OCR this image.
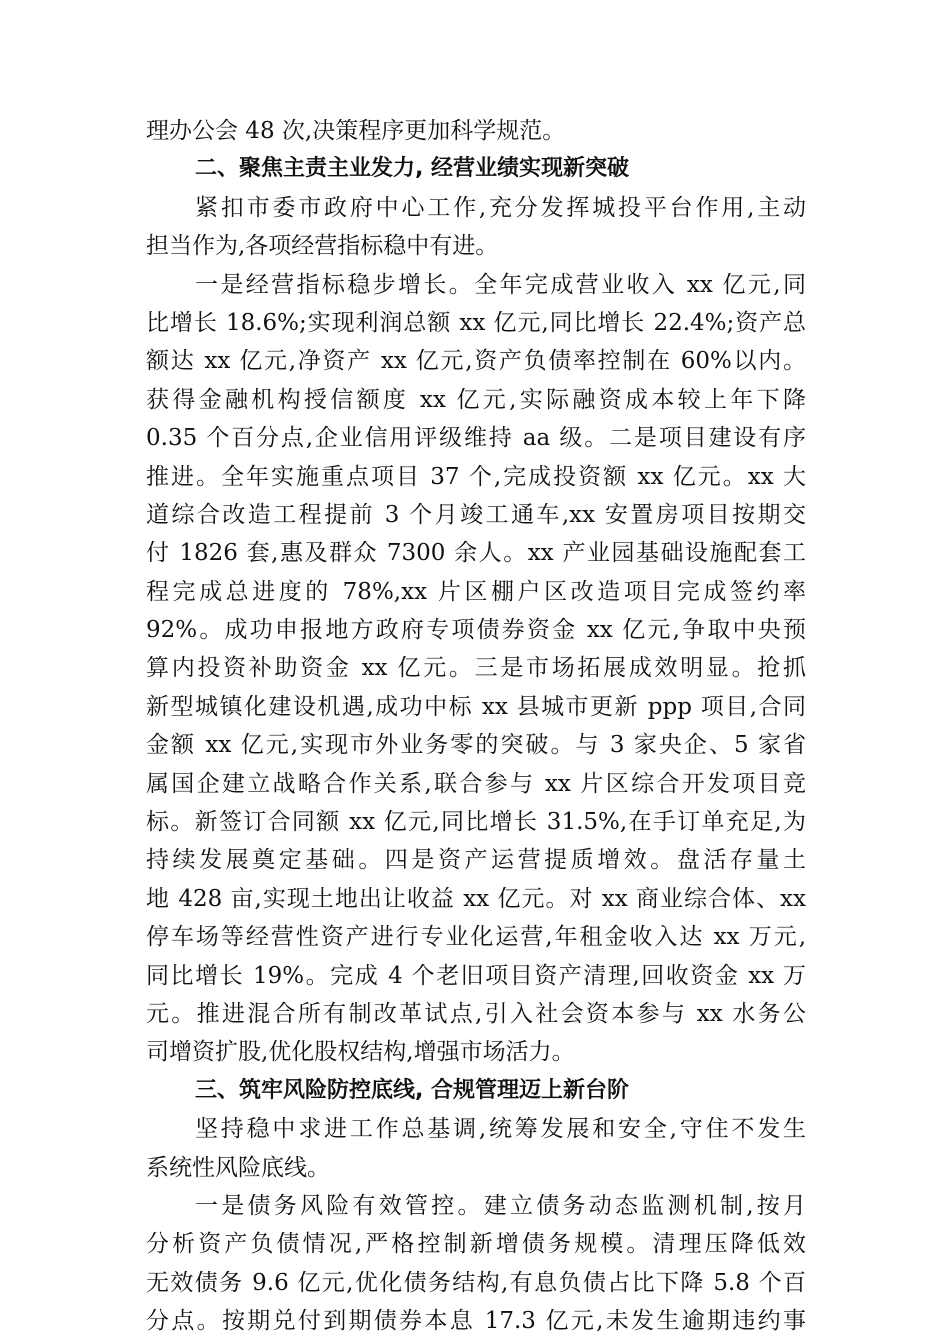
理办公会 48 次,决策程序更加科学规范。
二、聚焦主责主业发力, 经营业绩实现新突破
紧扣市委市政府中心工作,充分发挥城投平台作用,主动
担当作为,各项经营指标稳中有进。
一是经营指标稳步增长。全年完成营业收入 xx 亿元,同
比增长 18.6%;实现利润总额 xx 亿元,同比增长 22.4%;资产总
额达 xx 亿元,净资产 xx 亿元,资产负债率控制在 60%以内。
获得金融机构授信额度 xx 亿元,实际融资成本较上年下降
0.35 个百分点,企业信用评级维持 aa 级。二是项目建设有序
推进。全年实施重点项目 37 个,完成投资额 xx 亿元。xx 大
道综合改造工程提前 3 个月竣工通车,xx 安置房项目按期交
付 1826 套,惠及群众 7300 余人。xx 产业园基础设施配套工
程完成总进度的 78%,xx 片区棚户区改造项目完成签约率
92%。成功申报地方政府专项债券资金 xx 亿元,争取中央预
算内投资补助资金 xx 亿元。三是市场拓展成效明显。抢抓
新型城镇化建设机遇,成功中标 xx 县城市更新 ppp 项目,合同
金额 xx 亿元,实现市外业务零的突破。与 3 家央企、5 家省
属国企建立战略合作关系,联合参与 xx 片区综合开发项目竞
标。新签订合同额 xx 亿元,同比增长 31.5%,在手订单充足,为
持续发展奠定基础。四是资产运营提质增效。盘活存量土
地 428 亩,实现土地出让收益 xx 亿元。对 xx 商业综合体、xx
停车场等经营性资产进行专业化运营,年租金收入达 xx 万元,
同比增长 19%。完成 4 个老旧项目资产清理,回收资金 xx 万
元。推进混合所有制改革试点,引入社会资本参与 xx 水务公
司增资扩股,优化股权结构,增强市场活力。
三、筑牢风险防控底线, 合规管理迈上新台阶
坚持稳中求进工作总基调,统筹发展和安全,守住不发生
系统性风险底线。
一是债务风险有效管控。建立债务动态监测机制,按月
分析资产负债情况,严格控制新增债务规模。清理压降低效
无效债务 9.6 亿元,优化债务结构,有息负债占比下降 5.8 个百
分点。按期兑付到期债券本息 17.3 亿元,未发生逾期违约事
